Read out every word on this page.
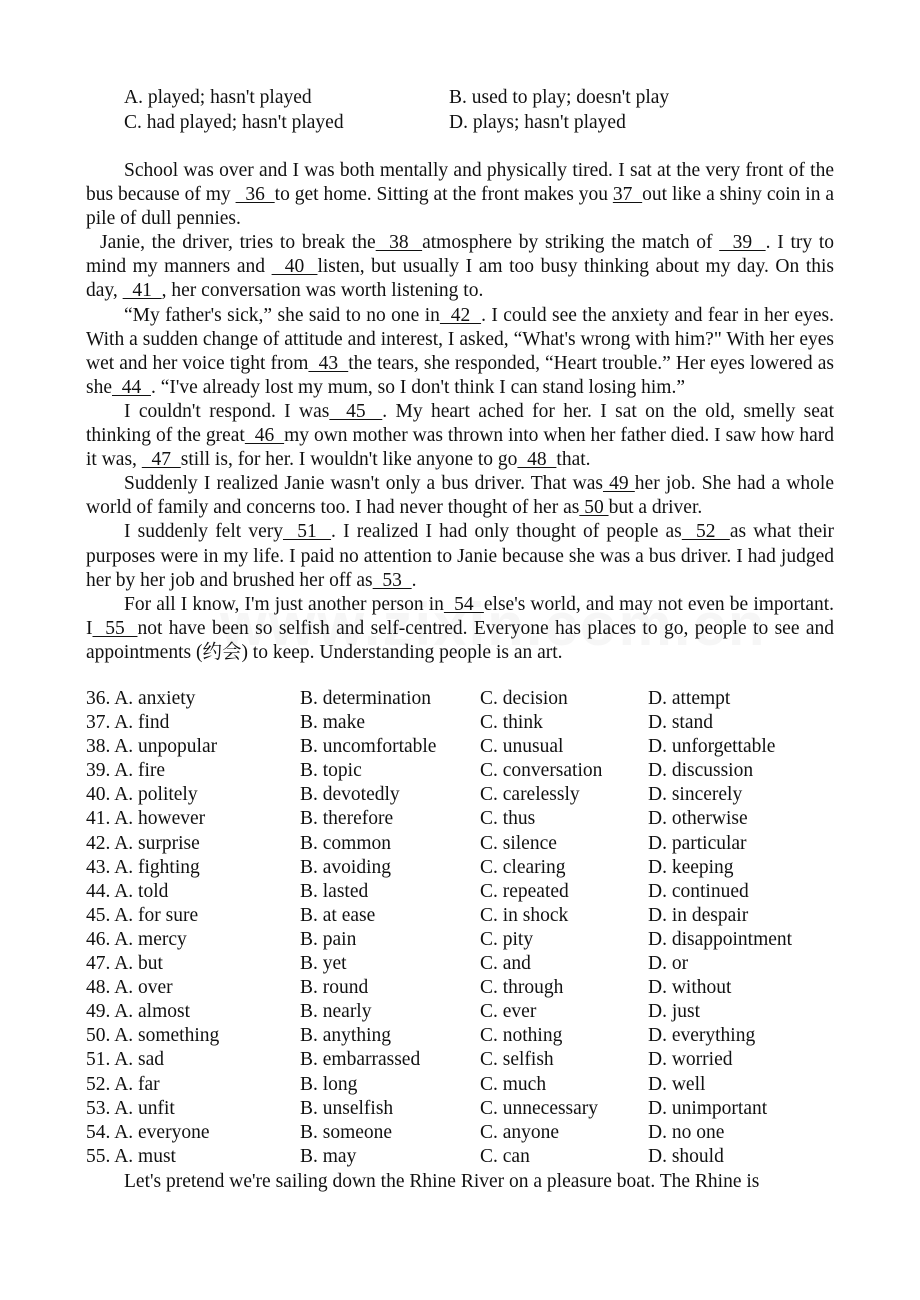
A. played; hasn't played	B. used to play; doesn't play
C. had played; hasn't played	D. plays; hasn't played

School was over and I was both mentally and physically tired. I sat at the very front of the bus because of my   36  to get home. Sitting at the front makes you 37  out like a shiny coin in a pile of dull pennies.

Janie, the driver, tries to break the  38  atmosphere by striking the match of   39  . I try to mind my manners and   40  listen, but usually I am too busy thinking about my day. On this day,   41  , her conversation was worth listening to.

“My father's sick,” she said to no one in  42  . I could see the anxiety and fear in her eyes. With a sudden change of attitude and interest, I asked, “What's wrong with him?" With her eyes wet and her voice tight from  43  the tears, she responded, “Heart trouble.” Her eyes lowered as she  44  . “I've already lost my mum, so I don't think I can stand losing him.”

I couldn't respond. I was  45  . My heart ached for her. I sat on the old, smelly seat thinking of the great  46  my own mother was thrown into when her father died. I saw how hard it was,   47  still is, for her. I wouldn't like anyone to go  48  that.

Suddenly I realized Janie wasn't only a bus driver. That was 49 her job. She had a whole world of family and concerns too. I had never thought of her as 50 but a driver.

I suddenly felt very  51  . I realized I had only thought of people as  52  as what their purposes were in my life. I paid no attention to Janie because she was a bus driver. I had judged her by her job and brushed her off as  53  .

For all I know, I'm just another person in  54  else's world, and may not even be important. I  55  not have been so selfish and self-centred. Everyone has places to go, people to see and appointments (约会) to keep. Understanding people is an art.

36. A. anxiety	B. determination	C. decision	D. attempt
37. A. find	B. make	C. think	D. stand
38. A. unpopular	B. uncomfortable	C. unusual	D. unforgettable
39. A. fire	B. topic	C. conversation	D. discussion
40. A. politely	B. devotedly	C. carelessly	D. sincerely
41. A. however	B. therefore	C. thus	D. otherwise
42. A. surprise	B. common	C. silence	D. particular
43. A. fighting	B. avoiding	C. clearing	D. keeping
44. A. told	B. lasted	C. repeated	D. continued
45. A. for sure	B. at ease	C. in shock	D. in despair
46. A. mercy	B. pain	C. pity	D. disappointment
47. A. but	B. yet	C. and	D. or
48. A. over	B. round	C. through	D. without
49. A. almost	B. nearly	C. ever	D. just
50. A. something	B. anything	C. nothing	D. everything
51. A. sad	B. embarrassed	C. selfish	D. worried
52. A. far	B. long	C. much	D. well
53. A. unfit	B. unselfish	C. unnecessary	D. unimportant
54. A. everyone	B. someone	C. anyone	D. no one
55. A. must	B. may	C. can	D. should
Let's pretend we're sailing down the Rhine River on a pleasure boat. The Rhine is
